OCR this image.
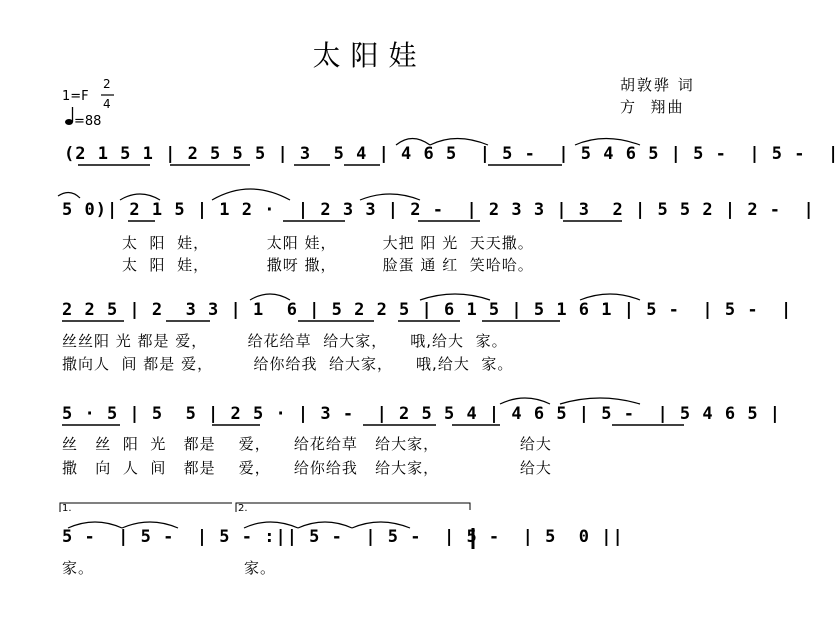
太阳娃
1=F
2
4
=88
胡敦骅 词
方  翔曲
(2 1 5 1 | 2 5 5 5 | 3  5 4 | 4 6 5  | 5 -  | 5 4 6 5 | 5 -  | 5 -  |
5 0)| 2 1 5 | 1 2 ·  | 2 3 3 | 2 -  | 2 3 3 | 3  2 | 5 5 2 | 2 -  |
太  阳  娃，          太阳 娃，        大把 阳 光  天天撒。
太  阳  娃，          撒呀 撒，        脸蛋 通 红  笑哈哈。
2 2 5 | 2  3 3 | 1  6 | 5 2 2 5 | 6 1 5 | 5 1 6 1 | 5 -  | 5 -  |
丝丝阳 光 都是 爱，       给花给草  给大家，    哦,给大  家。
撒向人  间 都是 爱，       给你给我  给大家，    哦,给大  家。
5 · 5 | 5  5 | 2 5 · | 3 -  | 2 5 5 4 | 4 6 5 | 5 -  | 5 4 6 5 |
丝   丝  阳  光   都是    爱，    给花给草   给大家，              给大
撒   向  人  间   都是    爱，    给你给我   给大家，              给大
1.	2.
5 -  | 5 -  | 5 - :|| 5 -  | 5 -  | 5 -  | 5  0 ||
家。	家。
